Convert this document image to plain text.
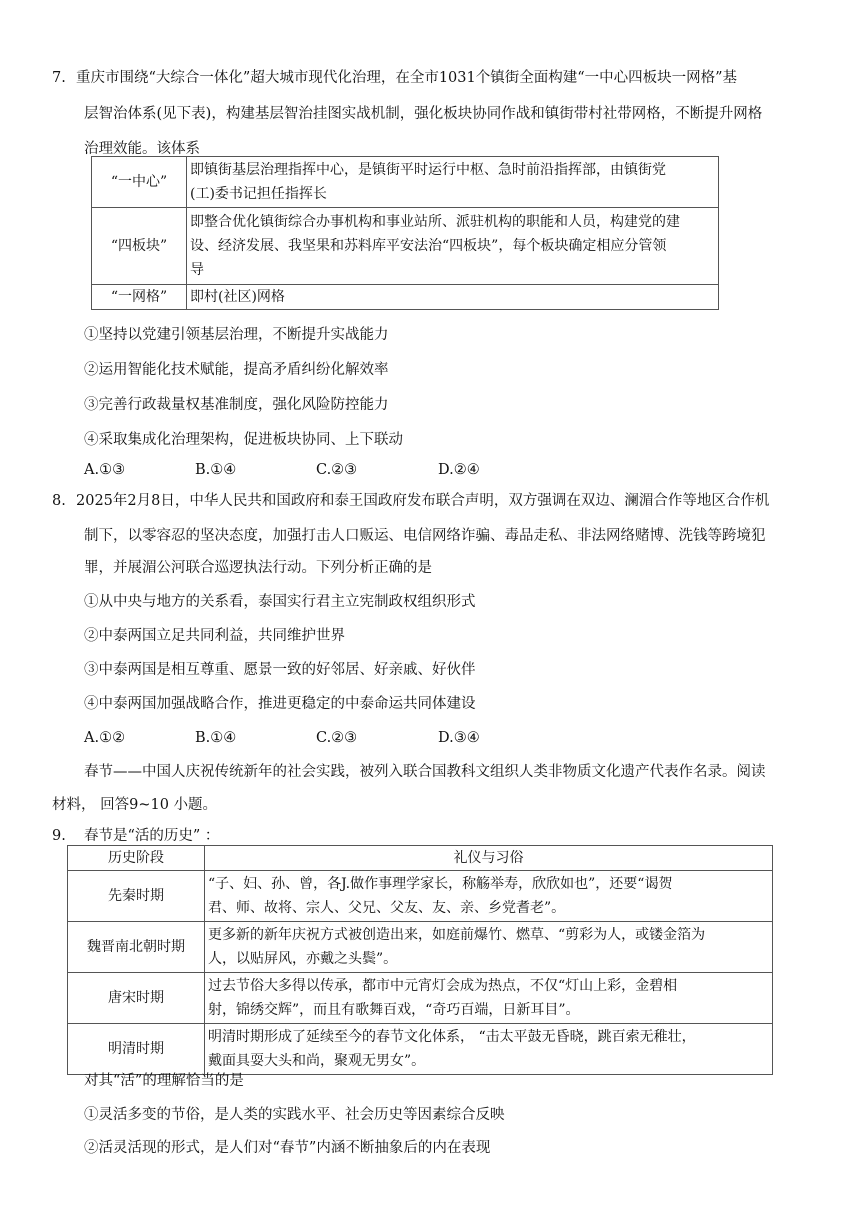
7. 重庆市围绕“大综合一体化”超大城市现代化治理，在全市1031个镇街全面构建“一中心四板块一网格”基
层智治体系(见下表)，构建基层智治挂图实战机制，强化板块协同作战和镇街带村社带网格，不断提升网格
治理效能。该体系
“一中心”	即镇街基层治理指挥中心，是镇街平时运行中枢、急时前沿指挥部，由镇街党
(工)委书记担任指挥长

“四板块”	即整合优化镇街综合办事机构和事业站所、派驻机构的职能和人员，构建党的建
设、经济发展、我坚果和苏料库平安法治“四板块”，每个板块确定相应分管领
导

“一网格”	即村(社区)网格
①坚持以党建引领基层治理，不断提升实战能力
②运用智能化技术赋能，提高矛盾纠纷化解效率
③完善行政裁量权基准制度，强化风险防控能力
④采取集成化治理架构，促进板块协同、上下联动
A.①③	B.①④	C.②③	D.②④
8. 2025年2月8日，中华人民共和国政府和泰王国政府发布联合声明，双方强调在双边、澜湄合作等地区合作机
制下，以零容忍的坚决态度，加强打击人口贩运、电信网络诈骗、毒品走私、非法网络赌博、洗钱等跨境犯
罪，并展湄公河联合巡逻执法行动。下列分析正确的是
①从中央与地方的关系看，泰国实行君主立宪制政权组织形式
②中泰两国立足共同利益，共同维护世界
③中泰两国是相互尊重、愿景一致的好邻居、好亲戚、好伙伴
④中泰两国加强战略合作，推进更稳定的中泰命运共同体建设
A.①②	B.①④	C.②③	D.③④
春节——中国人庆祝传统新年的社会实践，被列入联合国教科文组织人类非物质文化遗产代表作名录。阅读
材料， 回答9~10 小题。
9. 春节是“活的历史” ：
历史阶段	礼仪与习俗
先秦时期	“子、妇、孙、曾，各J.做作事理学家长，称觞举寿，欣欣如也”，还要“谒贺
君、师、故将、宗人、父兄、父友、友、亲、乡党耆老”。

魏晋南北朝时期	更多新的新年庆祝方式被创造出来，如庭前爆竹、燃草、“剪彩为人，或镂金箔为
人，以贴屏风，亦戴之头鬓”。

唐宋时期	过去节俗大多得以传承，都市中元宵灯会成为热点，不仅“灯山上彩，金碧相
射，锦绣交辉”，而且有歌舞百戏，“奇巧百端，日新耳目”。

明清时期	明清时期形成了延续至今的春节文化体系， “击太平鼓无昏晓，跳百索无稚壮，
戴面具耍大头和尚，聚观无男女”。
对其“活”的理解恰当的是
①灵活多变的节俗，是人类的实践水平、社会历史等因素综合反映
②活灵活现的形式，是人们对“春节”内涵不断抽象后的内在表现
